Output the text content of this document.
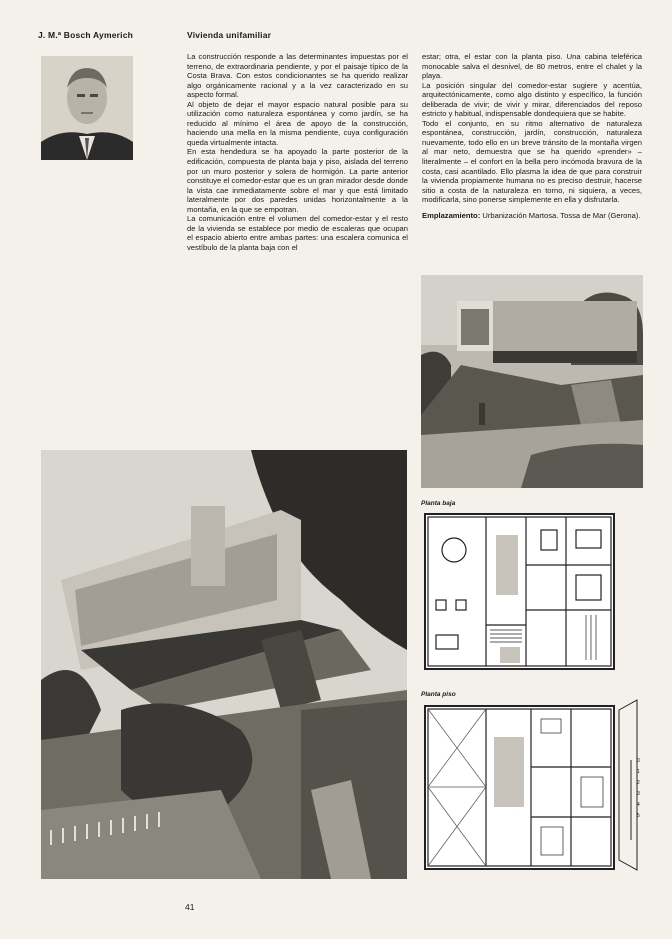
J. M.ª Bosch Aymerich	Vivienda unifamiliar

La construcción responde a las determinantes impuestas por el terreno, de extraordinaria pendiente, y por el paisaje típico de la Costa Brava. Con estos condicionantes se ha querido realizar algo orgánicamente racional y a la vez caracterizado en su aspecto formal.

Al objeto de dejar el mayor espacio natural posible para su utilización como naturaleza espontánea y como jardín, se ha reducido al mínimo el área de apoyo de la construcción, haciendo una mella en la misma pendiente, cuya configuración queda virtualmente intacta.

En esta hendedura se ha apoyado la parte posterior de la edificación, compuesta de planta baja y piso, aislada del terreno por un muro posterior y solera de hormigón. La parte anterior constituye el comedor-estar que es un gran mirador desde donde la vista cae inmediatamente sobre el mar y que está limitado lateralmente por dos paredes unidas horizontalmente a la montaña, en la que se empotran.

La comunicación entre el volumen del comedor-estar y el resto de la vivienda se establece por medio de escaleras que ocupan el espacio abierto entre ambas partes: una escalera comunica el vestíbulo de la planta baja con el

estar; otra, el estar con la planta piso. Una cabina teleférica monocable salva el desnivel, de 80 metros, entre el chalet y la playa.

La posición singular del comedor-estar sugiere y acentúa, arquitectónicamente, como algo distinto y específico, la función deliberada de vivir; de vivir y mirar, diferenciados del reposo estricto y habitual, indispensable dondequiera que se habite.

Todo el conjunto, en su ritmo alternativo de naturaleza espontánea, construcción, jardín, construcción, naturaleza nuevamente, todo ello en un breve tránsito de la montaña virgen al mar neto, demuestra que se ha querido «prender» – literalmente – el confort en la bella pero incómoda bravura de la costa, casi acantilado. Ello plasma la idea de que para construir la vivienda propiamente humana no es preciso destruir, hacerse sitio a costa de la naturaleza en torno, ni siquiera, a veces, modificarla, sino ponerse simplemente en ella y disfrutarla.

Emplazamiento: Urbanización Martosa. Tossa de Mar (Gerona).

Planta baja
Planta piso
0
1
2
3
4
5
41
